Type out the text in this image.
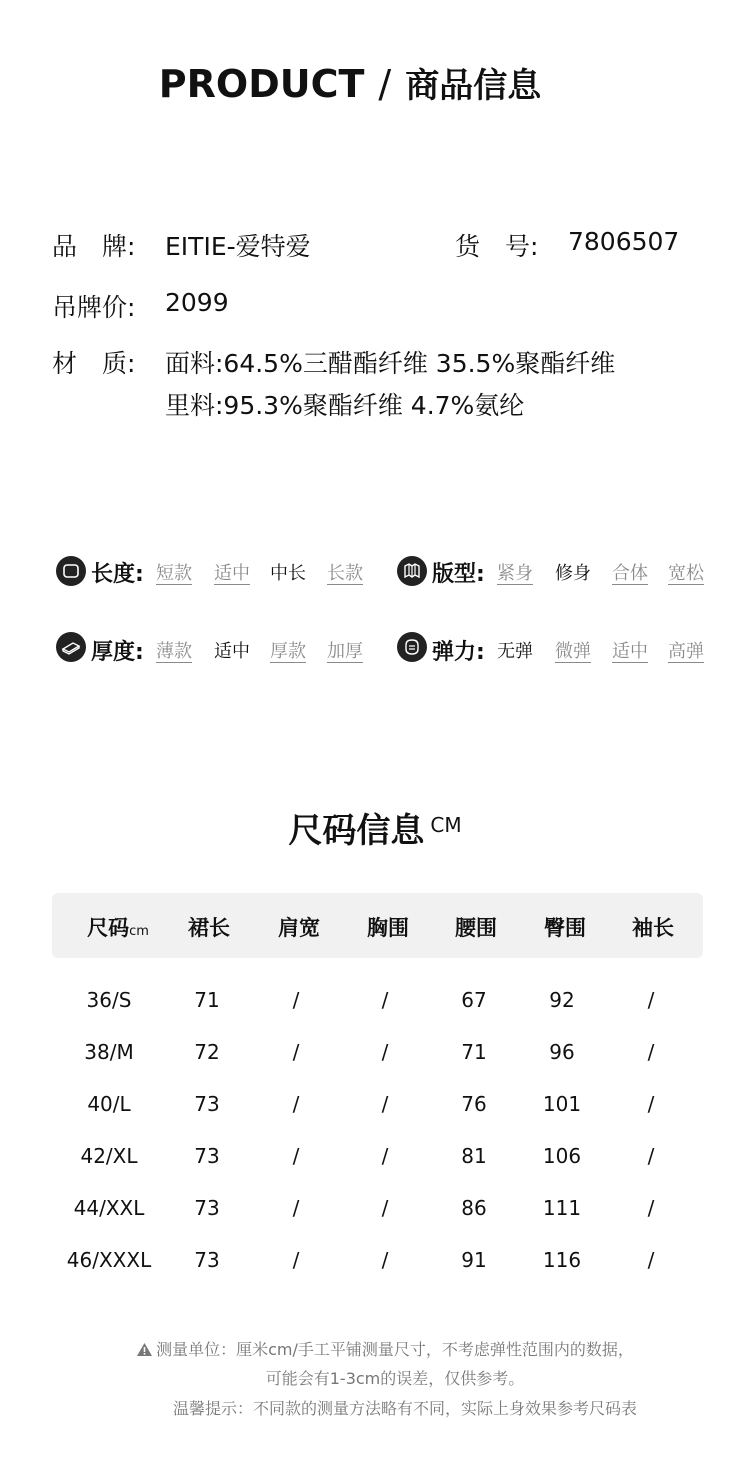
PRODUCT / 商品信息
品　牌: EITIE-爱特爱	货　号: 7806507
吊牌价: 2099
材　质: 面料:64.5%三醋酯纤维 35.5%聚酯纤维
里料:95.3%聚酯纤维 4.7%氨纶
长度: 短款 适中 中长 长款	版型: 紧身 修身 合体 宽松
厚度: 薄款 适中 厚款 加厚	弹力: 无弹 微弹 适中 高弹
尺码信息 CM
尺码cm	裙长	肩宽	胸围	腰围	臀围	袖长
36/S	71	/	/	67	92	/
38/M	72	/	/	71	96	/
40/L	73	/	/	76	101	/
42/XL	73	/	/	81	106	/
44/XXL	73	/	/	86	111	/
46/XXXL	73	/	/	91	116	/
测量单位：厘米cm/手工平铺测量尺寸，不考虑弹性范围内的数据，
可能会有1-3cm的误差，仅供参考。
温馨提示：不同款的测量方法略有不同，实际上身效果参考尺码表
